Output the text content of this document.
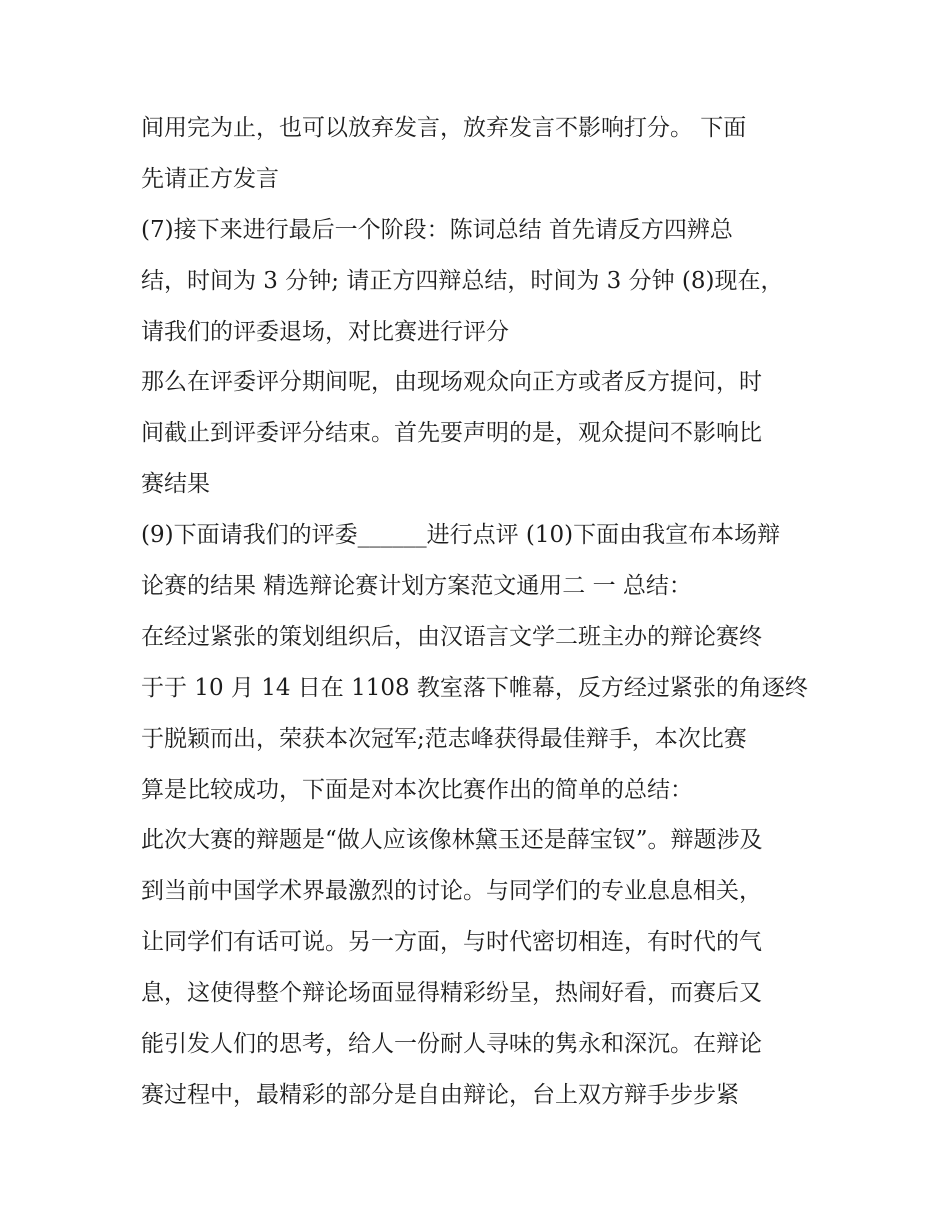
间用完为止，也可以放弃发言，放弃发言不影响打分。 下面
先请正方发言
(7)接下来进行最后一个阶段：陈词总结 首先请反方四辨总
结，时间为 3 分钟; 请正方四辩总结，时间为 3 分钟 (8)现在，
请我们的评委退场，对比赛进行评分
那么在评委评分期间呢，由现场观众向正方或者反方提问，时
间截止到评委评分结束。首先要声明的是，观众提问不影响比
赛结果
(9)下面请我们的评委______进行点评 (10)下面由我宣布本场辩
论赛的结果 精选辩论赛计划方案范文通用二 一 总结：
在经过紧张的策划组织后，由汉语言文学二班主办的辩论赛终
于于 10 月 14 日在 1108 教室落下帷幕，反方经过紧张的角逐终
于脱颖而出，荣获本次冠军;范志峰获得最佳辩手，本次比赛
算是比较成功，下面是对本次比赛作出的简单的总结：
此次大赛的辩题是“做人应该像林黛玉还是薛宝钗”。辩题涉及
到当前中国学术界最激烈的讨论。与同学们的专业息息相关，
让同学们有话可说。另一方面，与时代密切相连，有时代的气
息，这使得整个辩论场面显得精彩纷呈，热闹好看，而赛后又
能引发人们的思考，给人一份耐人寻味的隽永和深沉。在辩论
赛过程中，最精彩的部分是自由辩论，台上双方辩手步步紧
